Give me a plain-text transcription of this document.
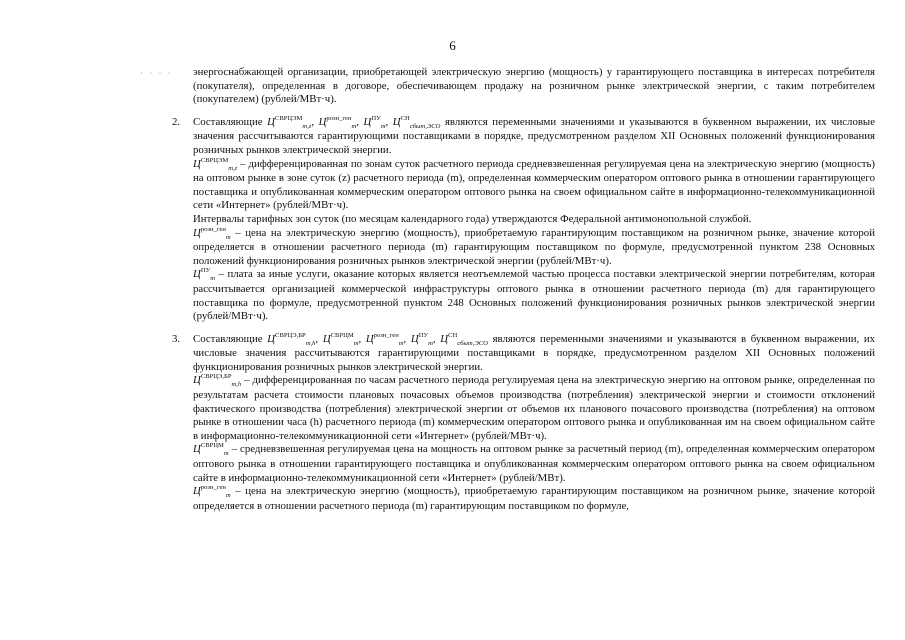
6
· · · · энергоснабжающей организации, приобретающей электрическую энергию (мощность) у гарантирующего поставщика в интересах потребителя (покупателя), определенная в договоре, обеспечивающем продажу на розничном рынке электрической энергии, с таким потребителем (покупателем) (рублей/МВт·ч).

2. Составляющие $Ц^{СВРЦЭМ}_{m,z}$, $Ц^{розн\_ген}_m$, $Ц^{ПУ}_m$, $Ц^{СН}_{сбыт,ЭСО}$ являются переменными значениями и указываются в буквенном выражении, их числовые значения рассчитываются гарантирующими поставщиками в порядке, предусмотренном разделом XII Основных положений функционирования розничных рынков электрической энергии.

$Ц^{СВРЦЭМ}_{m,z}$ – дифференцированная по зонам суток расчетного периода средневзвешенная регулируемая цена на электрическую энергию (мощность) на оптовом рынке в зоне суток (z) расчетного периода (m), определенная коммерческим оператором оптового рынка в отношении гарантирующего поставщика и опубликованная коммерческим оператором оптового рынка на своем официальном сайте в информационно-телекоммуникационной сети «Интернет» (рублей/МВт·ч).

Интервалы тарифных зон суток (по месяцам календарного года) утверждаются Федеральной антимонопольной службой.

$Ц^{розн\_ген}_m$ – цена на электрическую энергию (мощность), приобретаемую гарантирующим поставщиком на розничном рынке, значение которой определяется в отношении расчетного периода (m) гарантирующим поставщиком по формуле, предусмотренной пунктом 238 Основных положений функционирования розничных рынков электрической энергии (рублей/МВт·ч).

$Ц^{ПУ}_m$ – плата за иные услуги, оказание которых является неотъемлемой частью процесса поставки электрической энергии потребителям, которая рассчитывается организацией коммерческой инфраструктуры оптового рынка в отношении расчетного периода (m) для гарантирующего поставщика по формуле, предусмотренной пунктом 248 Основных положений функционирования розничных рынков электрической энергии (рублей/МВт·ч).

3. Составляющие $Ц^{СВРЦЭ,БР}_{m,h}$, $Ц^{СВРЦМ}_m$, $Ц^{розн\_ген}_m$, $Ц^{ПУ}_m$, $Ц^{СН}_{сбыт,ЭСО}$ являются переменными значениями и указываются в буквенном выражении, их числовые значения рассчитываются гарантирующими поставщиками в порядке, предусмотренном разделом XII Основных положений функционирования розничных рынков электрической энергии.

$Ц^{СВРЦЭ,БР}_{m,h}$ – дифференцированная по часам расчетного периода регулируемая цена на электрическую энергию на оптовом рынке, определенная по результатам расчета стоимости плановых почасовых объемов производства (потребления) электрической энергии и стоимости отклонений фактического производства (потребления) электрической энергии от объемов их планового почасового производства (потребления) на оптовом рынке в отношении часа (h) расчетного периода (m) коммерческим оператором оптового рынка и опубликованная им на своем официальном сайте в информационно-телекоммуникационной сети «Интернет» (рублей/МВт·ч).

$Ц^{СВРЦМ}_m$ – средневзвешенная регулируемая цена на мощность на оптовом рынке за расчетный период (m), определенная коммерческим оператором оптового рынка в отношении гарантирующего поставщика и опубликованная коммерческим оператором оптового рынка на своем официальном сайте в информационно-телекоммуникационной сети «Интернет» (рублей/МВт).

$Ц^{розн\_ген}_m$ – цена на электрическую энергию (мощность), приобретаемую гарантирующим поставщиком на розничном рынке, значение которой определяется в отношении расчетного периода (m) гарантирующим поставщиком по формуле,
